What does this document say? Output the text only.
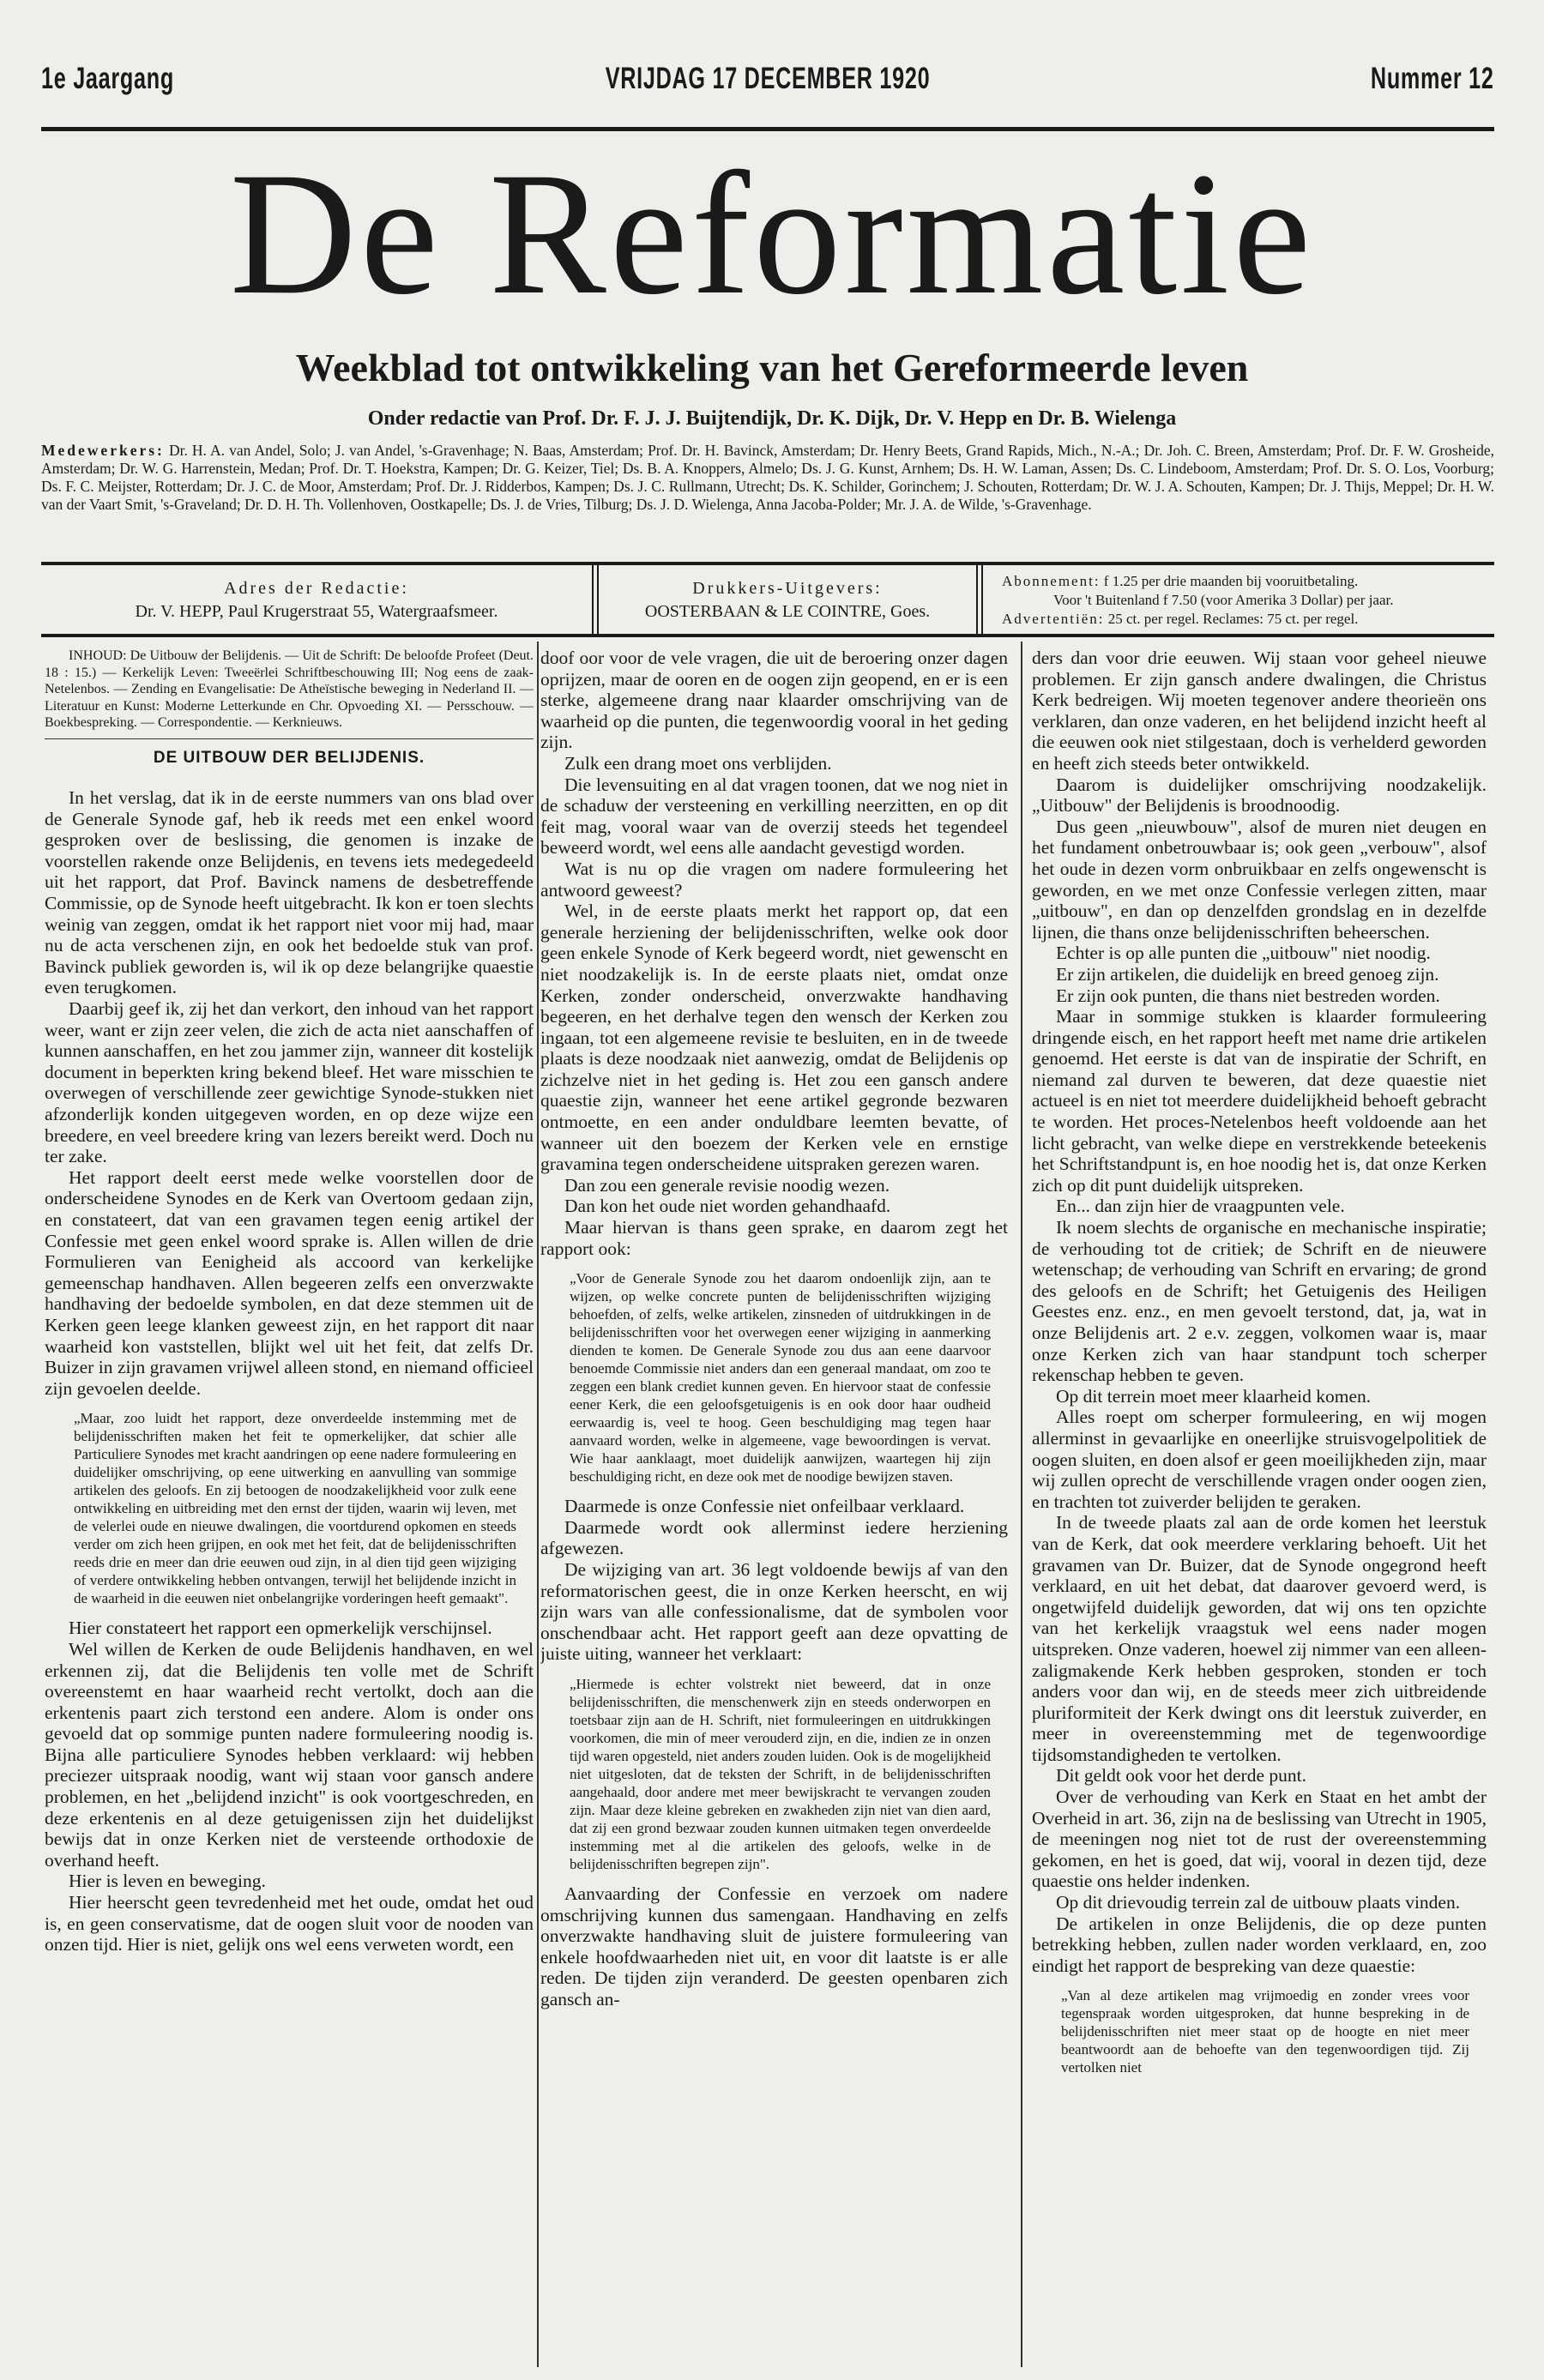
1e Jaargang	VRIJDAG 17 DECEMBER 1920	Nummer 12
De Reformatie
Weekblad tot ontwikkeling van het Gereformeerde leven
Onder redactie van Prof. Dr. F. J. J. Buijtendijk, Dr. K. Dijk, Dr. V. Hepp en Dr. B. Wielenga
Medewerkers: Dr. H. A. van Andel, Solo; J. van Andel, 's-Gravenhage; N. Baas, Amsterdam; Prof. Dr. H. Bavinck, Amsterdam; Dr. Henry Beets, Grand Rapids, Mich., N.-A.; Dr. Joh. C. Breen, Amsterdam; Prof. Dr. F. W. Grosheide, Amsterdam; Dr. W. G. Harrenstein, Medan; Prof. Dr. T. Hoekstra, Kampen; Dr. G. Keizer, Tiel; Ds. B. A. Knoppers, Almelo; Ds. J. G. Kunst, Arnhem; Ds. H. W. Laman, Assen; Ds. C. Lindeboom, Amsterdam; Prof. Dr. S. O. Los, Voorburg; Ds. F. C. Meijster, Rotterdam; Dr. J. C. de Moor, Amsterdam; Prof. Dr. J. Ridderbos, Kampen; Ds. J. C. Rullmann, Utrecht; Ds. K. Schilder, Gorinchem; J. Schouten, Rotterdam; Dr. W. J. A. Schouten, Kampen; Dr. J. Thijs, Meppel; Dr. H. W. van der Vaart Smit, 's-Graveland; Dr. D. H. Th. Vollenhoven, Oostkapelle; Ds. J. de Vries, Tilburg; Ds. J. D. Wielenga, Anna Jacoba-Polder; Mr. J. A. de Wilde, 's-Gravenhage.
Adres der Redactie:
Dr. V. HEPP, Paul Krugerstraat 55, Watergraafsmeer.
Drukkers-Uitgevers:
OOSTERBAAN & LE COINTRE, Goes.
Abonnement: f 1.25 per drie maanden bij vooruitbetaling.
Voor 't Buitenland f 7.50 (voor Amerika 3 Dollar) per jaar.
Advertentiën: 25 ct. per regel. Reclames: 75 ct. per regel.
INHOUD: De Uitbouw der Belijdenis. — Uit de Schrift: De beloofde Profeet (Deut. 18 : 15.) — Kerkelijk Leven: Tweeërlei Schriftbeschouwing III; Nog eens de zaak-Netelenbos. — Zending en Evangelisatie: De Atheïstische beweging in Nederland II. — Literatuur en Kunst: Moderne Letterkunde en Chr. Opvoeding XI. — Persschouw. — Boekbespreking. — Correspondentie. — Kerknieuws.
DE UITBOUW DER BELIJDENIS.

In het verslag, dat ik in de eerste nummers van ons blad over de Generale Synode gaf, heb ik reeds met een enkel woord gesproken over de beslissing, die genomen is inzake de voorstellen rakende onze Belijdenis, en tevens iets medegedeeld uit het rapport, dat Prof. Bavinck namens de desbetreffende Commissie, op de Synode heeft uitgebracht. Ik kon er toen slechts weinig van zeggen, omdat ik het rapport niet voor mij had, maar nu de acta verschenen zijn, en ook het bedoelde stuk van prof. Bavinck publiek geworden is, wil ik op deze belangrijke quaestie even terugkomen.

Daarbij geef ik, zij het dan verkort, den inhoud van het rapport weer, want er zijn zeer velen, die zich de acta niet aanschaffen of kunnen aanschaffen, en het zou jammer zijn, wanneer dit kostelijk document in beperkten kring bekend bleef. Het ware misschien te overwegen of verschillende zeer gewichtige Synode-stukken niet afzonderlijk konden uitgegeven worden, en op deze wijze een breedere, en veel breedere kring van lezers bereikt werd. Doch nu ter zake.

Het rapport deelt eerst mede welke voorstellen door de onderscheidene Synodes en de Kerk van Overtoom gedaan zijn, en constateert, dat van een gravamen tegen eenig artikel der Confessie met geen enkel woord sprake is. Allen willen de drie Formulieren van Eenigheid als accoord van kerkelijke gemeenschap handhaven. Allen begeeren zelfs een onverzwakte handhaving der bedoelde symbolen, en dat deze stemmen uit de Kerken geen leege klanken geweest zijn, en het rapport dit naar waarheid kon vaststellen, blijkt wel uit het feit, dat zelfs Dr. Buizer in zijn gravamen vrijwel alleen stond, en niemand officieel zijn gevoelen deelde.

„Maar, zoo luidt het rapport, deze onverdeelde instemming met de belijdenisschriften maken het feit te opmerkelijker, dat schier alle Particuliere Synodes met kracht aandringen op eene nadere formuleering en duidelijker omschrijving, op eene uitwerking en aanvulling van sommige artikelen des geloofs. En zij betoogen de noodzakelijkheid voor zulk eene ontwikkeling en uitbreiding met den ernst der tijden, waarin wij leven, met de velerlei oude en nieuwe dwalingen, die voortdurend opkomen en steeds verder om zich heen grijpen, en ook met het feit, dat de belijdenisschriften reeds drie en meer dan drie eeuwen oud zijn, in al dien tijd geen wijziging of verdere ontwikkeling hebben ontvangen, terwijl het belijdende inzicht in de waarheid in die eeuwen niet onbelangrijke vorderingen heeft gemaakt".

Hier constateert het rapport een opmerkelijk verschijnsel.

Wel willen de Kerken de oude Belijdenis handhaven, en wel erkennen zij, dat die Belijdenis ten volle met de Schrift overeenstemt en haar waarheid recht vertolkt, doch aan die erkentenis paart zich terstond een andere. Alom is onder ons gevoeld dat op sommige punten nadere formuleering noodig is. Bijna alle particuliere Synodes hebben verklaard: wij hebben preciezer uitspraak noodig, want wij staan voor gansch andere problemen, en het „belijdend inzicht" is ook voortgeschreden, en deze erkentenis en al deze getuigenissen zijn het duidelijkst bewijs dat in onze Kerken niet de versteende orthodoxie de overhand heeft.

Hier is leven en beweging.

Hier heerscht geen tevredenheid met het oude, omdat het oud is, en geen conservatisme, dat de oogen sluit voor de nooden van onzen tijd. Hier is niet, gelijk ons wel eens verweten wordt, een

doof oor voor de vele vragen, die uit de beroering onzer dagen oprijzen, maar de ooren en de oogen zijn geopend, en er is een sterke, algemeene drang naar klaarder omschrijving van de waarheid op die punten, die tegenwoordig vooral in het geding zijn.

Zulk een drang moet ons verblijden.

Die levensuiting en al dat vragen toonen, dat we nog niet in de schaduw der versteening en verkilling neerzitten, en op dit feit mag, vooral waar van de overzij steeds het tegendeel beweerd wordt, wel eens alle aandacht gevestigd worden.

Wat is nu op die vragen om nadere formuleering het antwoord geweest?

Wel, in de eerste plaats merkt het rapport op, dat een generale herziening der belijdenisschriften, welke ook door geen enkele Synode of Kerk begeerd wordt, niet gewenscht en niet noodzakelijk is. In de eerste plaats niet, omdat onze Kerken, zonder onderscheid, onverzwakte handhaving begeeren, en het derhalve tegen den wensch der Kerken zou ingaan, tot een algemeene revisie te besluiten, en in de tweede plaats is deze noodzaak niet aanwezig, omdat de Belijdenis op zichzelve niet in het geding is. Het zou een gansch andere quaestie zijn, wanneer het eene artikel gegronde bezwaren ontmoette, en een ander onduldbare leemten bevatte, of wanneer uit den boezem der Kerken vele en ernstige gravamina tegen onderscheidene uitspraken gerezen waren.

Dan zou een generale revisie noodig wezen.

Dan kon het oude niet worden gehandhaafd.

Maar hiervan is thans geen sprake, en daarom zegt het rapport ook:

„Voor de Generale Synode zou het daarom ondoenlijk zijn, aan te wijzen, op welke concrete punten de belijdenisschriften wijziging behoefden, of zelfs, welke artikelen, zinsneden of uitdrukkingen in de belijdenisschriften voor het overwegen eener wijziging in aanmerking dienden te komen. De Generale Synode zou dus aan eene daarvoor benoemde Commissie niet anders dan een generaal mandaat, om zoo te zeggen een blank crediet kunnen geven. En hiervoor staat de confessie eener Kerk, die een geloofsgetuigenis is en ook door haar oudheid eerwaardig is, veel te hoog. Geen beschuldiging mag tegen haar aanvaard worden, welke in algemeene, vage bewoordingen is vervat. Wie haar aanklaagt, moet duidelijk aanwijzen, waartegen hij zijn beschuldiging richt, en deze ook met de noodige bewijzen staven.

Daarmede is onze Confessie niet onfeilbaar verklaard.

Daarmede wordt ook allerminst iedere herziening afgewezen.

De wijziging van art. 36 legt voldoende bewijs af van den reformatorischen geest, die in onze Kerken heerscht, en wij zijn wars van alle confessionalisme, dat de symbolen voor onschendbaar acht. Het rapport geeft aan deze opvatting de juiste uiting, wanneer het verklaart:

„Hiermede is echter volstrekt niet beweerd, dat in onze belijdenisschriften, die menschenwerk zijn en steeds onderworpen en toetsbaar zijn aan de H. Schrift, niet formuleeringen en uitdrukkingen voorkomen, die min of meer verouderd zijn, en die, indien ze in onzen tijd waren opgesteld, niet anders zouden luiden. Ook is de mogelijkheid niet uitgesloten, dat de teksten der Schrift, in de belijdenisschriften aangehaald, door andere met meer bewijskracht te vervangen zouden zijn. Maar deze kleine gebreken en zwakheden zijn niet van dien aard, dat zij een grond bezwaar zouden kunnen uitmaken tegen onverdeelde instemming met al die artikelen des geloofs, welke in de belijdenisschriften begrepen zijn".

Aanvaarding der Confessie en verzoek om nadere omschrijving kunnen dus samengaan. Handhaving en zelfs onverzwakte handhaving sluit de juistere formuleering van enkele hoofdwaarheden niet uit, en voor dit laatste is er alle reden. De tijden zijn veranderd. De geesten openbaren zich gansch an-

ders dan voor drie eeuwen. Wij staan voor geheel nieuwe problemen. Er zijn gansch andere dwalingen, die Christus Kerk bedreigen. Wij moeten tegenover andere theorieën ons verklaren, dan onze vaderen, en het belijdend inzicht heeft al die eeuwen ook niet stilgestaan, doch is verhelderd geworden en heeft zich steeds beter ontwikkeld.

Daarom is duidelijker omschrijving noodzakelijk. „Uitbouw" der Belijdenis is broodnoodig.

Dus geen „nieuwbouw", alsof de muren niet deugen en het fundament onbetrouwbaar is; ook geen „verbouw", alsof het oude in dezen vorm onbruikbaar en zelfs ongewenscht is geworden, en we met onze Confessie verlegen zitten, maar „uitbouw", en dan op denzelfden grondslag en in dezelfde lijnen, die thans onze belijdenisschriften beheerschen.

Echter is op alle punten die „uitbouw" niet noodig.

Er zijn artikelen, die duidelijk en breed genoeg zijn.

Er zijn ook punten, die thans niet bestreden worden.

Maar in sommige stukken is klaarder formuleering dringende eisch, en het rapport heeft met name drie artikelen genoemd. Het eerste is dat van de inspiratie der Schrift, en niemand zal durven te beweren, dat deze quaestie niet actueel is en niet tot meerdere duidelijkheid behoeft gebracht te worden. Het proces-Netelenbos heeft voldoende aan het licht gebracht, van welke diepe en verstrekkende beteekenis het Schriftstandpunt is, en hoe noodig het is, dat onze Kerken zich op dit punt duidelijk uitspreken.

En... dan zijn hier de vraagpunten vele.

Ik noem slechts de organische en mechanische inspiratie; de verhouding tot de critiek; de Schrift en de nieuwere wetenschap; de verhouding van Schrift en ervaring; de grond des geloofs en de Schrift; het Getuigenis des Heiligen Geestes enz. enz., en men gevoelt terstond, dat, ja, wat in onze Belijdenis art. 2 e.v. zeggen, volkomen waar is, maar onze Kerken zich van haar standpunt toch scherper rekenschap hebben te geven.

Op dit terrein moet meer klaarheid komen.

Alles roept om scherper formuleering, en wij mogen allerminst in gevaarlijke en oneerlijke struisvogelpolitiek de oogen sluiten, en doen alsof er geen moeilijkheden zijn, maar wij zullen oprecht de verschillende vragen onder oogen zien, en trachten tot zuiverder belijden te geraken.

In de tweede plaats zal aan de orde komen het leerstuk van de Kerk, dat ook meerdere verklaring behoeft. Uit het gravamen van Dr. Buizer, dat de Synode ongegrond heeft verklaard, en uit het debat, dat daarover gevoerd werd, is ongetwijfeld duidelijk geworden, dat wij ons ten opzichte van het kerkelijk vraagstuk wel eens nader mogen uitspreken. Onze vaderen, hoewel zij nimmer van een alleen-zaligmakende Kerk hebben gesproken, stonden er toch anders voor dan wij, en de steeds meer zich uitbreidende pluriformiteit der Kerk dwingt ons dit leerstuk zuiverder, en meer in overeenstemming met de tegenwoordige tijdsomstandigheden te vertolken.

Dit geldt ook voor het derde punt.

Over de verhouding van Kerk en Staat en het ambt der Overheid in art. 36, zijn na de beslissing van Utrecht in 1905, de meeningen nog niet tot de rust der overeenstemming gekomen, en het is goed, dat wij, vooral in dezen tijd, deze quaestie ons helder indenken.

Op dit drievoudig terrein zal de uitbouw plaats vinden.

De artikelen in onze Belijdenis, die op deze punten betrekking hebben, zullen nader worden verklaard, en, zoo eindigt het rapport de bespreking van deze quaestie:

„Van al deze artikelen mag vrijmoedig en zonder vrees voor tegenspraak worden uitgesproken, dat hunne bespreking in de belijdenisschriften niet meer staat op de hoogte en niet meer beantwoordt aan de behoefte van den tegenwoordigen tijd. Zij vertolken niet
